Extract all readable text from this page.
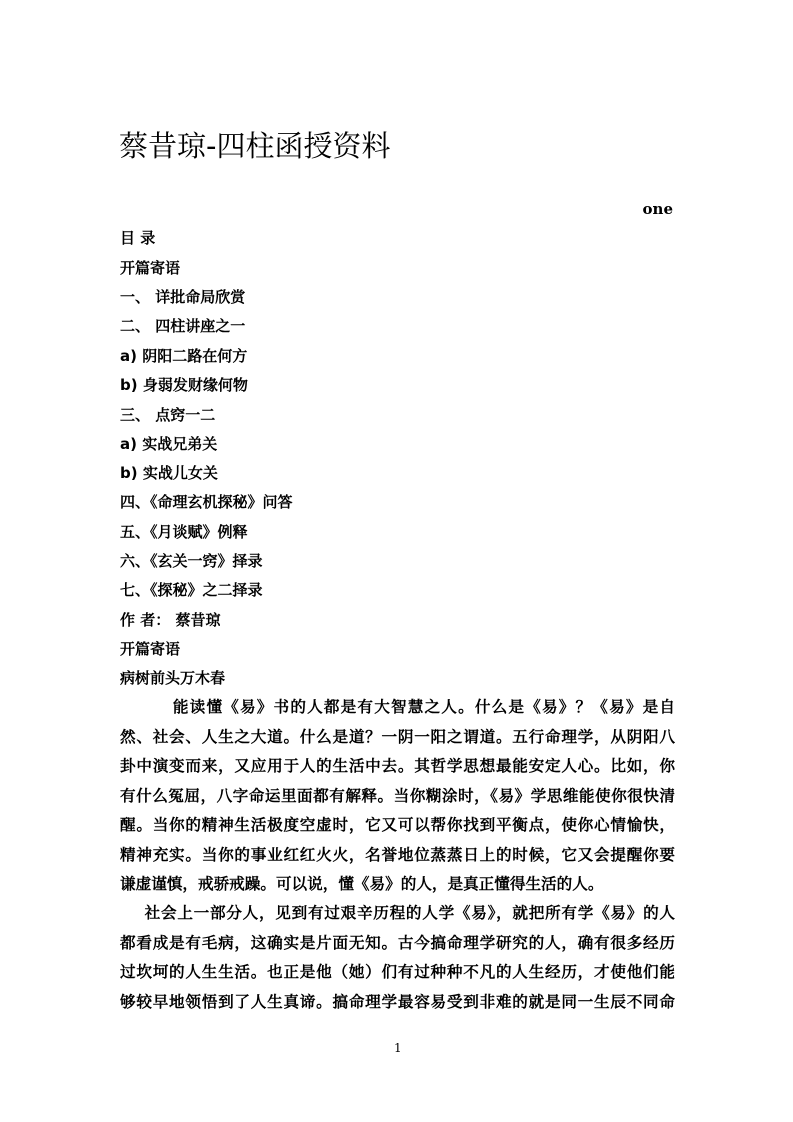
蔡昔琼-四柱函授资料
one
目 录
开篇寄语
一、 详批命局欣赏
二、 四柱讲座之一
a) 阴阳二路在何方
b) 身弱发财缘何物
三、 点窍一二
a) 实战兄弟关
b) 实战儿女关
四、《命理玄机探秘》问答
五、《月谈赋》例释
六、《玄关一窍》择录
七、《探秘》之二择录
作 者： 蔡昔琼
开篇寄语
病树前头万木春
能读懂《易》书的人都是有大智慧之人。什么是《易》？《易》是自
然、社会、人生之大道。什么是道？一阴一阳之谓道。五行命理学，从阴阳八
卦中演变而来，又应用于人的生活中去。其哲学思想最能安定人心。比如，你
有什么冤屈，八字命运里面都有解释。当你糊涂时，《易》学思维能使你很快清
醒。当你的精神生活极度空虚时，它又可以帮你找到平衡点，使你心情愉快，
精神充实。当你的事业红红火火，名誉地位蒸蒸日上的时候，它又会提醒你要
谦虚谨慎，戒骄戒躁。可以说，懂《易》的人，是真正懂得生活的人。
社会上一部分人，见到有过艰辛历程的人学《易》，就把所有学《易》的人
都看成是有毛病，这确实是片面无知。古今搞命理学研究的人，确有很多经历
过坎坷的人生生活。也正是他（她）们有过种种不凡的人生经历，才使他们能
够较早地领悟到了人生真谛。搞命理学最容易受到非难的就是同一生辰不同命
1
